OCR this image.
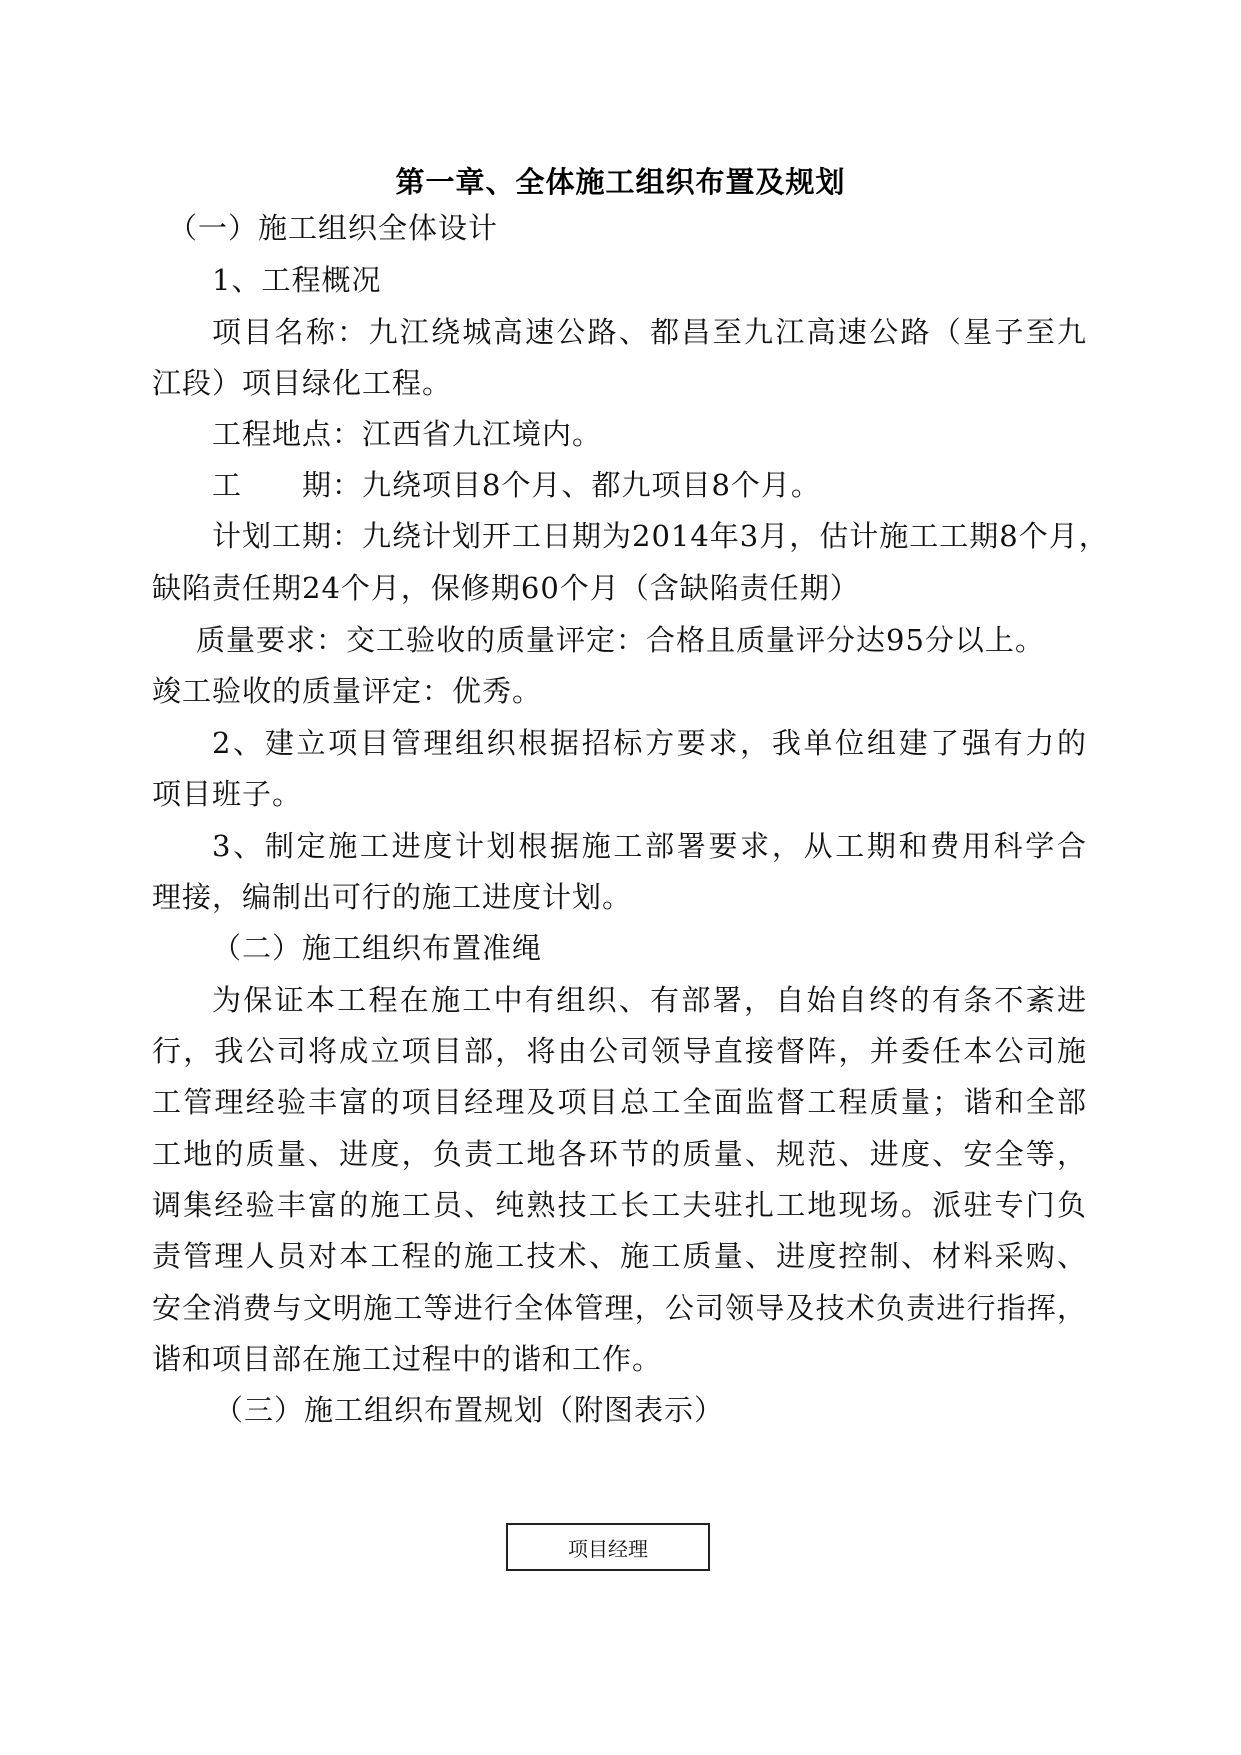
第一章、全体施工组织布置及规划

（一）施工组织全体设计

1、工程概况

项目名称：九江绕城高速公路、都昌至九江高速公路（星子至九

江段）项目绿化工程。

工程地点：江西省九江境内。

工　　期：九绕项目8个月、都九项目8个月。

计划工期：九绕计划开工日期为2014年3月，估计施工工期8个月，

缺陷责任期24个月，保修期60个月（含缺陷责任期）

质量要求：交工验收的质量评定：合格且质量评分达95分以上。

竣工验收的质量评定：优秀。

2、建立项目管理组织根据招标方要求，我单位组建了强有力的

项目班子。

3、制定施工进度计划根据施工部署要求，从工期和费用科学合

理接，编制出可行的施工进度计划。

（二）施工组织布置准绳

为保证本工程在施工中有组织、有部署，自始自终的有条不紊进

行，我公司将成立项目部，将由公司领导直接督阵，并委任本公司施

工管理经验丰富的项目经理及项目总工全面监督工程质量；谐和全部

工地的质量、进度，负责工地各环节的质量、规范、进度、安全等，

调集经验丰富的施工员、纯熟技工长工夫驻扎工地现场。派驻专门负

责管理人员对本工程的施工技术、施工质量、进度控制、材料采购、

安全消费与文明施工等进行全体管理，公司领导及技术负责进行指挥，

谐和项目部在施工过程中的谐和工作。

（三）施工组织布置规划（附图表示）

项目经理
